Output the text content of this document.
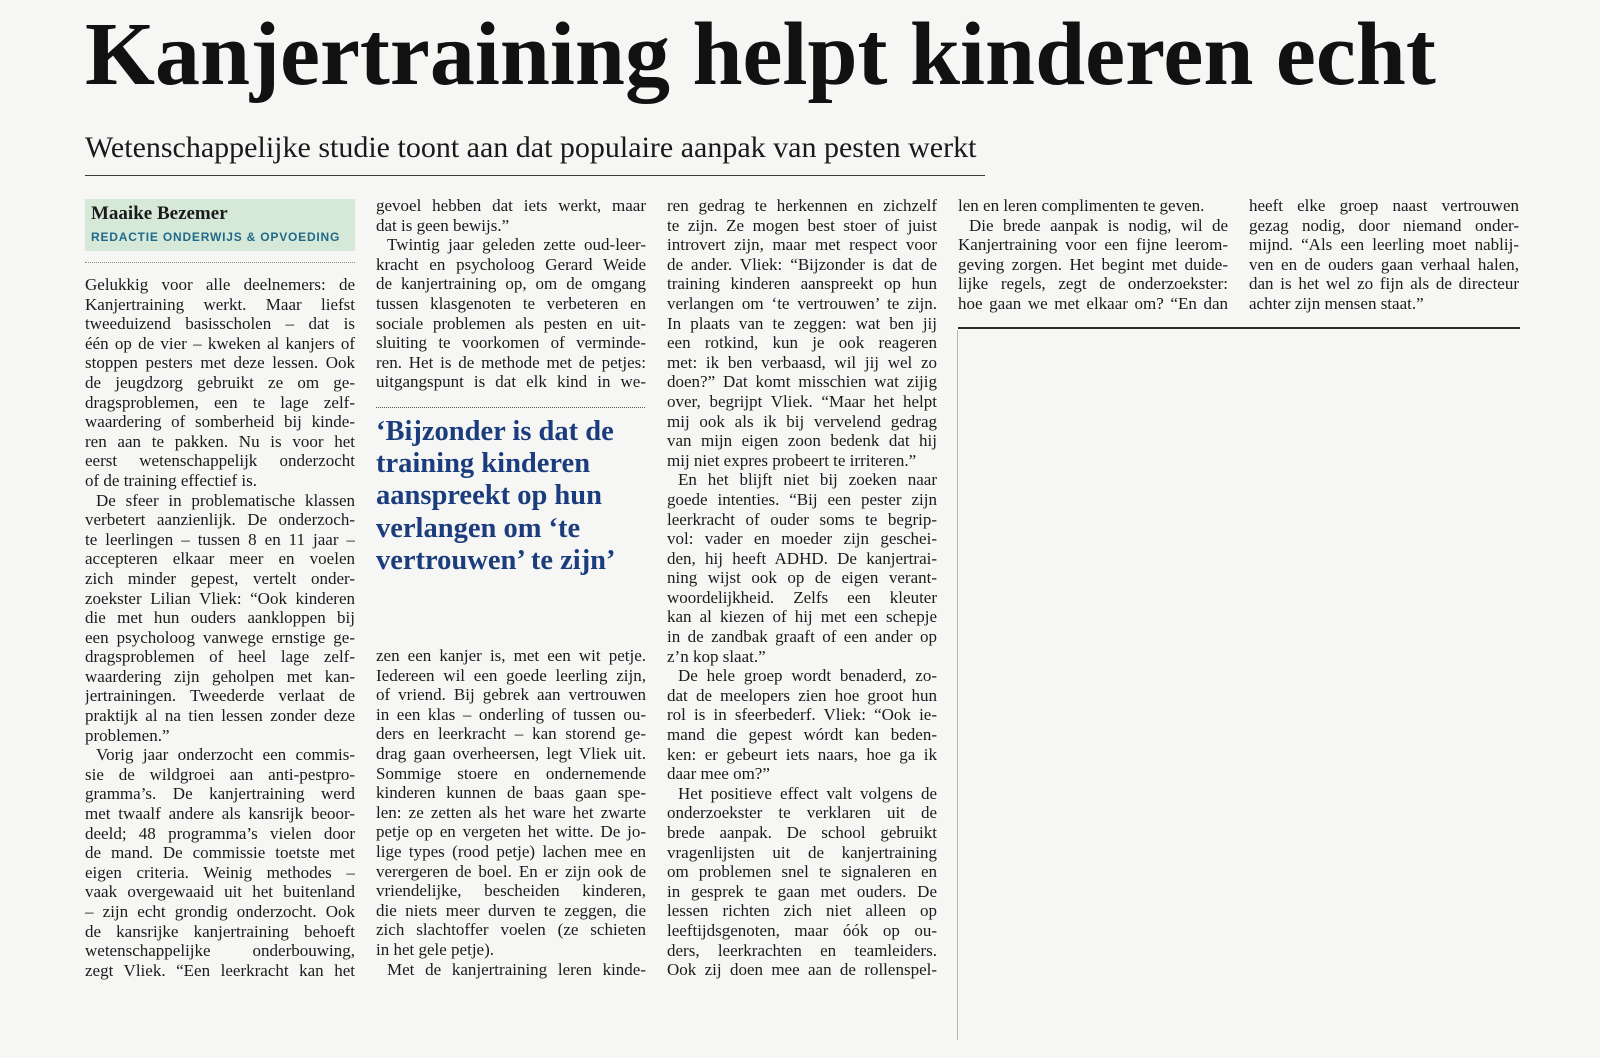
Kanjertraining helpt kinderen echt
Wetenschappelijke studie toont aan dat populaire aanpak van pesten werkt
Maaike Bezemer
REDACTIE ONDERWIJS & OPVOEDING
Gelukkig voor alle deelnemers: de
Kanjertraining werkt. Maar liefst
tweeduizend basisscholen – dat is
één op de vier – kweken al kanjers of
stoppen pesters met deze lessen. Ook
de jeugdzorg gebruikt ze om ge-
dragsproblemen, een te lage zelf-
waardering of somberheid bij kinde-
ren aan te pakken. Nu is voor het
eerst wetenschappelijk onderzocht
of de training effectief is.
De sfeer in problematische klassen
verbetert aanzienlijk. De onderzoch-
te leerlingen – tussen 8 en 11 jaar –
accepteren elkaar meer en voelen
zich minder gepest, vertelt onder-
zoekster Lilian Vliek: “Ook kinderen
die met hun ouders aankloppen bij
een psycholoog vanwege ernstige ge-
dragsproblemen of heel lage zelf-
waardering zijn geholpen met kan-
jertrainingen. Tweederde verlaat de
praktijk al na tien lessen zonder deze
problemen.”
Vorig jaar onderzocht een commis-
sie de wildgroei aan anti-pestpro-
gramma’s. De kanjertraining werd
met twaalf andere als kansrijk beoor-
deeld; 48 programma’s vielen door
de mand. De commissie toetste met
eigen criteria. Weinig methodes –
vaak overgewaaid uit het buitenland
– zijn echt grondig onderzocht. Ook
de kansrijke kanjertraining behoeft
wetenschappelijke onderbouwing,
zegt Vliek. “Een leerkracht kan het
gevoel hebben dat iets werkt, maar
dat is geen bewijs.”
Twintig jaar geleden zette oud-leer-
kracht en psycholoog Gerard Weide
de kanjertraining op, om de omgang
tussen klasgenoten te verbeteren en
sociale problemen als pesten en uit-
sluiting te voorkomen of verminde-
ren. Het is de methode met de petjes:
uitgangspunt is dat elk kind in we-
‘Bijzonder is dat de
training kinderen
aanspreekt op hun
verlangen om ‘te
vertrouwen’ te zijn’
zen een kanjer is, met een wit petje.
Iedereen wil een goede leerling zijn,
of vriend. Bij gebrek aan vertrouwen
in een klas – onderling of tussen ou-
ders en leerkracht – kan storend ge-
drag gaan overheersen, legt Vliek uit.
Sommige stoere en ondernemende
kinderen kunnen de baas gaan spe-
len: ze zetten als het ware het zwarte
petje op en vergeten het witte. De jo-
lige types (rood petje) lachen mee en
verergeren de boel. En er zijn ook de
vriendelijke, bescheiden kinderen,
die niets meer durven te zeggen, die
zich slachtoffer voelen (ze schieten
in het gele petje).
Met de kanjertraining leren kinde-
ren gedrag te herkennen en zichzelf
te zijn. Ze mogen best stoer of juist
introvert zijn, maar met respect voor
de ander. Vliek: “Bijzonder is dat de
training kinderen aanspreekt op hun
verlangen om ‘te vertrouwen’ te zijn.
In plaats van te zeggen: wat ben jij
een rotkind, kun je ook reageren
met: ik ben verbaasd, wil jij wel zo
doen?” Dat komt misschien wat zijig
over, begrijpt Vliek. “Maar het helpt
mij ook als ik bij vervelend gedrag
van mijn eigen zoon bedenk dat hij
mij niet expres probeert te irriteren.”
En het blijft niet bij zoeken naar
goede intenties. “Bij een pester zijn
leerkracht of ouder soms te begrip-
vol: vader en moeder zijn geschei-
den, hij heeft ADHD. De kanjertrai-
ning wijst ook op de eigen verant-
woordelijkheid. Zelfs een kleuter
kan al kiezen of hij met een schepje
in de zandbak graaft of een ander op
z’n kop slaat.”
De hele groep wordt benaderd, zo-
dat de meelopers zien hoe groot hun
rol is in sfeerbederf. Vliek: “Ook ie-
mand die gepest wórdt kan beden-
ken: er gebeurt iets naars, hoe ga ik
daar mee om?”
Het positieve effect valt volgens de
onderzoekster te verklaren uit de
brede aanpak. De school gebruikt
vragenlijsten uit de kanjertraining
om problemen snel te signaleren en
in gesprek te gaan met ouders. De
lessen richten zich niet alleen op
leeftijdsgenoten, maar óók op ou-
ders, leerkrachten en teamleiders.
Ook zij doen mee aan de rollenspel-
len en leren complimenten te geven.
Die brede aanpak is nodig, wil de
Kanjertraining voor een fijne leerom-
geving zorgen. Het begint met duide-
lijke regels, zegt de onderzoekster:
hoe gaan we met elkaar om? “En dan
heeft elke groep naast vertrouwen
gezag nodig, door niemand onder-
mijnd. “Als een leerling moet nablij-
ven en de ouders gaan verhaal halen,
dan is het wel zo fijn als de directeur
achter zijn mensen staat.”
